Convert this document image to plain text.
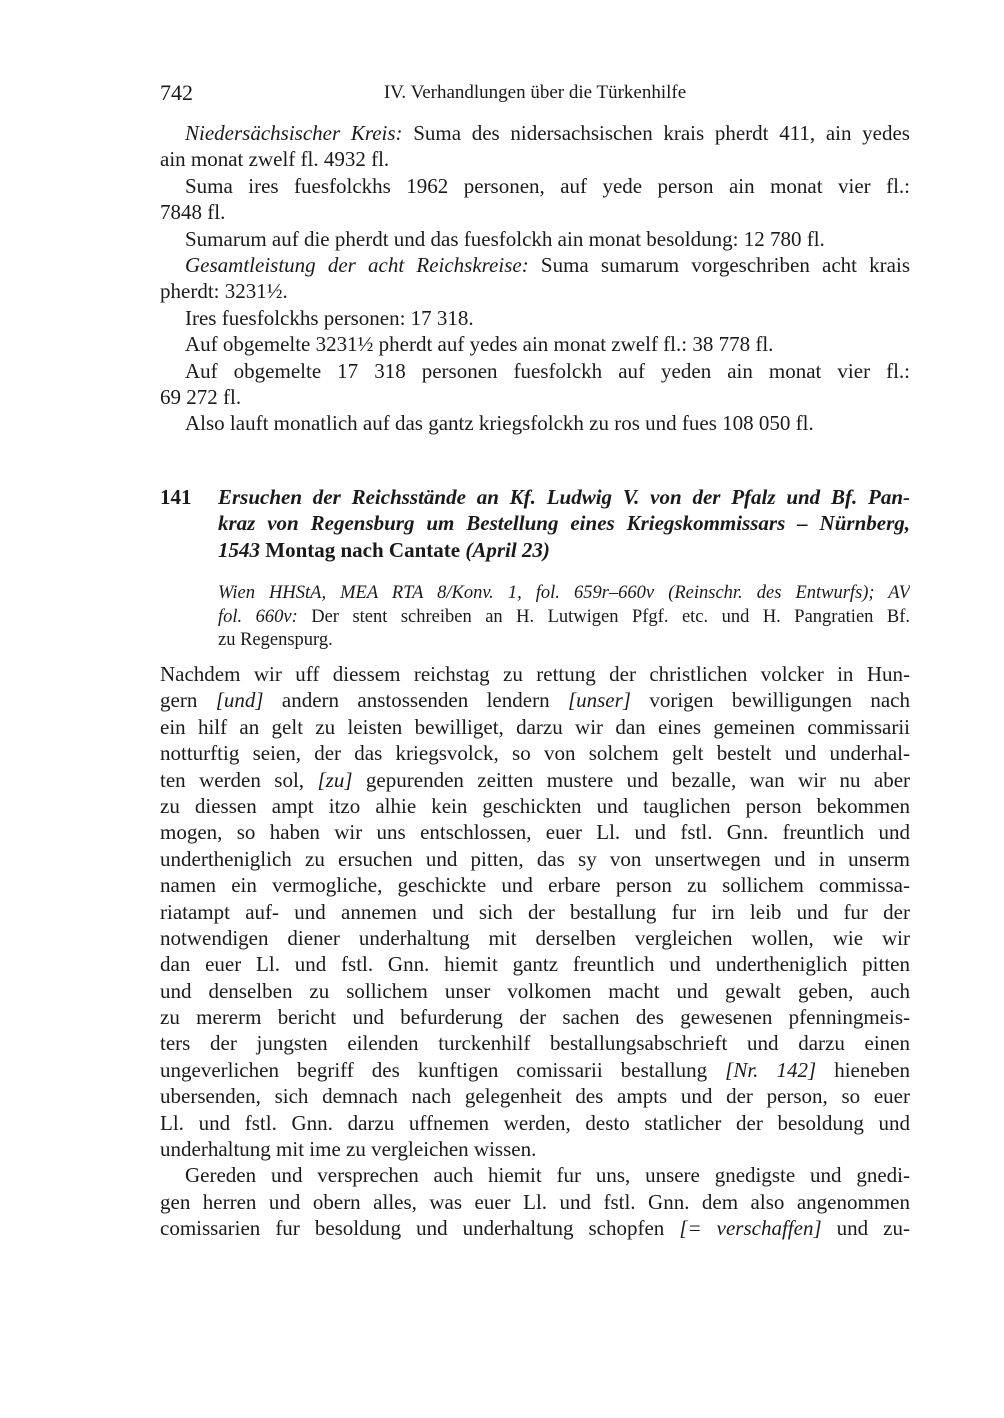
742	IV. Verhandlungen über die Türkenhilfe
Niedersächsischer Kreis: Suma des nidersachsischen krais pherdt 411, ain yedes
ain monat zwelf fl. 4932 fl.
Suma ires fuesfolckhs 1962 personen, auf yede person ain monat vier fl.:
7848 fl.
Sumarum auf die pherdt und das fuesfolckh ain monat besoldung: 12 780 fl.
Gesamtleistung der acht Reichskreise: Suma sumarum vorgeschriben acht krais
pherdt: 3231½.
Ires fuesfolckhs personen: 17 318.
Auf obgemelte 3231½ pherdt auf yedes ain monat zwelf fl.: 38 778 fl.
Auf obgemelte 17 318 personen fuesfolckh auf yeden ain monat vier fl.:
69 272 fl.
Also lauft monatlich auf das gantz kriegsfolckh zu ros und fues 108 050 fl.
141 Ersuchen der Reichsstände an Kf. Ludwig V. von der Pfalz und Bf. Pan-
kraz von Regensburg um Bestellung eines Kriegskommissars – Nürnberg,
1543 Montag nach Cantate (April 23)
Wien HHStA, MEA RTA 8/Konv. 1, fol. 659r–660v (Reinschr. des Entwurfs); AV
fol. 660v: Der stent schreiben an H. Lutwigen Pfgf. etc. und H. Pangratien Bf.
zu Regenspurg.
Nachdem wir uff diessem reichstag zu rettung der christlichen volcker in Hun-
gern [und] andern anstossenden lendern [unser] vorigen bewilligungen nach
ein hilf an gelt zu leisten bewilliget, darzu wir dan eines gemeinen commissarii
notturftig seien, der das kriegsvolck, so von solchem gelt bestelt und underhal-
ten werden sol, [zu] gepurenden zeitten mustere und bezalle, wan wir nu aber
zu diessen ampt itzo alhie kein geschickten und tauglichen person bekommen
mogen, so haben wir uns entschlossen, euer Ll. und fstl. Gnn. freuntlich und
undertheniglich zu ersuchen und pitten, das sy von unsertwegen und in unserm
namen ein vermogliche, geschickte und erbare person zu sollichem commissa-
riatampt auf- und annemen und sich der bestallung fur irn leib und fur der
notwendigen diener underhaltung mit derselben vergleichen wollen, wie wir
dan euer Ll. und fstl. Gnn. hiemit gantz freuntlich und undertheniglich pitten
und denselben zu sollichem unser volkomen macht und gewalt geben, auch
zu mererm bericht und befurderung der sachen des gewesenen pfenningmeis-
ters der jungsten eilenden turckenhilf bestallungsabschrieft und darzu einen
ungeverlichen begriff des kunftigen comissarii bestallung [Nr. 142] hieneben
ubersenden, sich demnach nach gelegenheit des ampts und der person, so euer
Ll. und fstl. Gnn. darzu uffnemen werden, desto statlicher der besoldung und
underhaltung mit ime zu vergleichen wissen.
Gereden und versprechen auch hiemit fur uns, unsere gnedigste und gnedi-
gen herren und obern alles, was euer Ll. und fstl. Gnn. dem also angenommen
comissarien fur besoldung und underhaltung schopfen [= verschaffen] und zu-
